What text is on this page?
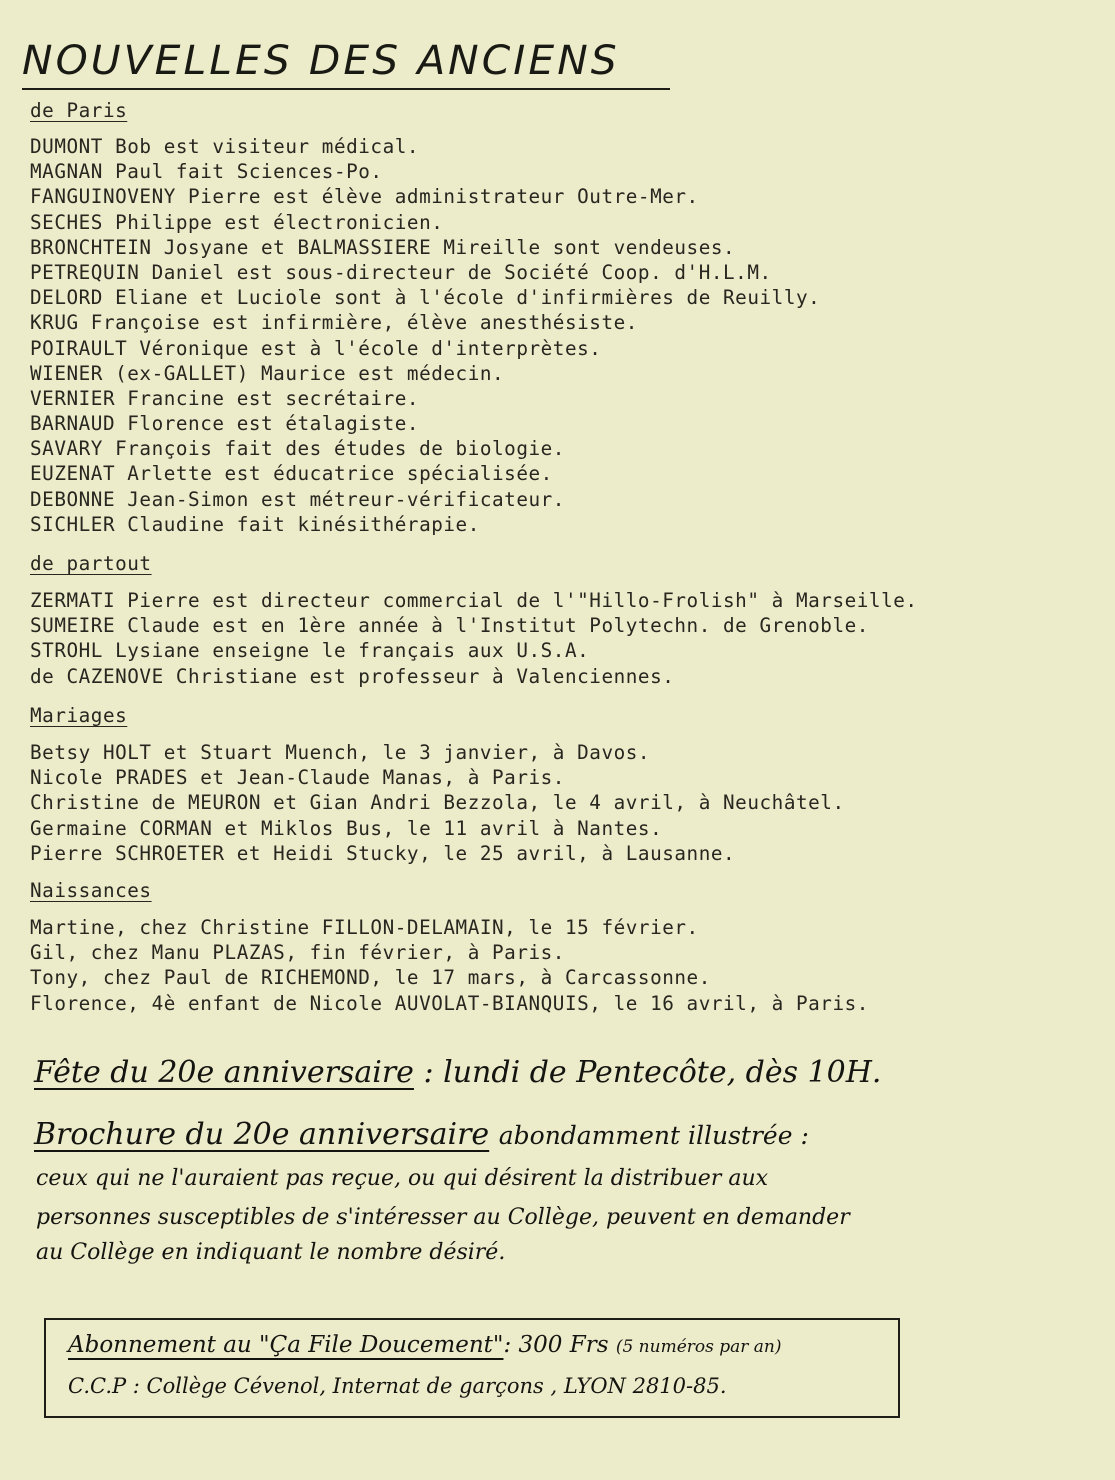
NOUVELLES DES ANCIENS
de Paris
DUMONT Bob est visiteur médical.
MAGNAN Paul fait Sciences-Po.
FANGUINOVENY Pierre est élève administrateur Outre-Mer.
SECHES Philippe est électronicien.
BRONCHTEIN Josyane et BALMASSIERE Mireille sont vendeuses.
PETREQUIN Daniel est sous-directeur de Société Coop. d'H.L.M.
DELORD Eliane et Luciole sont à l'école d'infirmières de Reuilly.
KRUG Françoise est infirmière, élève anesthésiste.
POIRAULT Véronique est à l'école d'interprètes.
WIENER (ex-GALLET) Maurice est médecin.
VERNIER Francine est secrétaire.
BARNAUD Florence est étalagiste.
SAVARY François fait des études de biologie.
EUZENAT Arlette est éducatrice spécialisée.
DEBONNE Jean-Simon est métreur-vérificateur.
SICHLER Claudine fait kinésithérapie.
de partout
ZERMATI Pierre est directeur commercial de l'"Hillo-Frolish" à Marseille.
SUMEIRE Claude est en 1ère année à l'Institut Polytechn. de Grenoble.
STROHL Lysiane enseigne le français aux U.S.A.
de CAZENOVE Christiane est professeur à Valenciennes.
Mariages
Betsy HOLT et Stuart Muench, le 3 janvier, à Davos.
Nicole PRADES et Jean-Claude Manas, à Paris.
Christine de MEURON et Gian Andri Bezzola, le 4 avril, à Neuchâtel.
Germaine CORMAN et Miklos Bus, le 11 avril à Nantes.
Pierre SCHROETER et Heidi Stucky, le 25 avril, à Lausanne.
Naissances
Martine, chez Christine FILLON-DELAMAIN, le 15 février.
Gil, chez Manu PLAZAS, fin février, à Paris.
Tony, chez Paul de RICHEMOND, le 17 mars, à Carcassonne.
Florence, 4è enfant de Nicole AUVOLAT-BIANQUIS, le 16 avril, à Paris.
Fête du 20e anniversaire : lundi de Pentecôte, dès 10H.
Brochure du 20e anniversaire abondamment illustrée :
ceux qui ne l'auraient pas reçue, ou qui désirent la distribuer aux
personnes susceptibles de s'intéresser au Collège, peuvent en demander
au Collège en indiquant le nombre désiré.
Abonnement au "Ça File Doucement": 300 Frs (5 numéros par an)
C.C.P : Collège Cévenol, Internat de garçons , LYON 2810-85.
